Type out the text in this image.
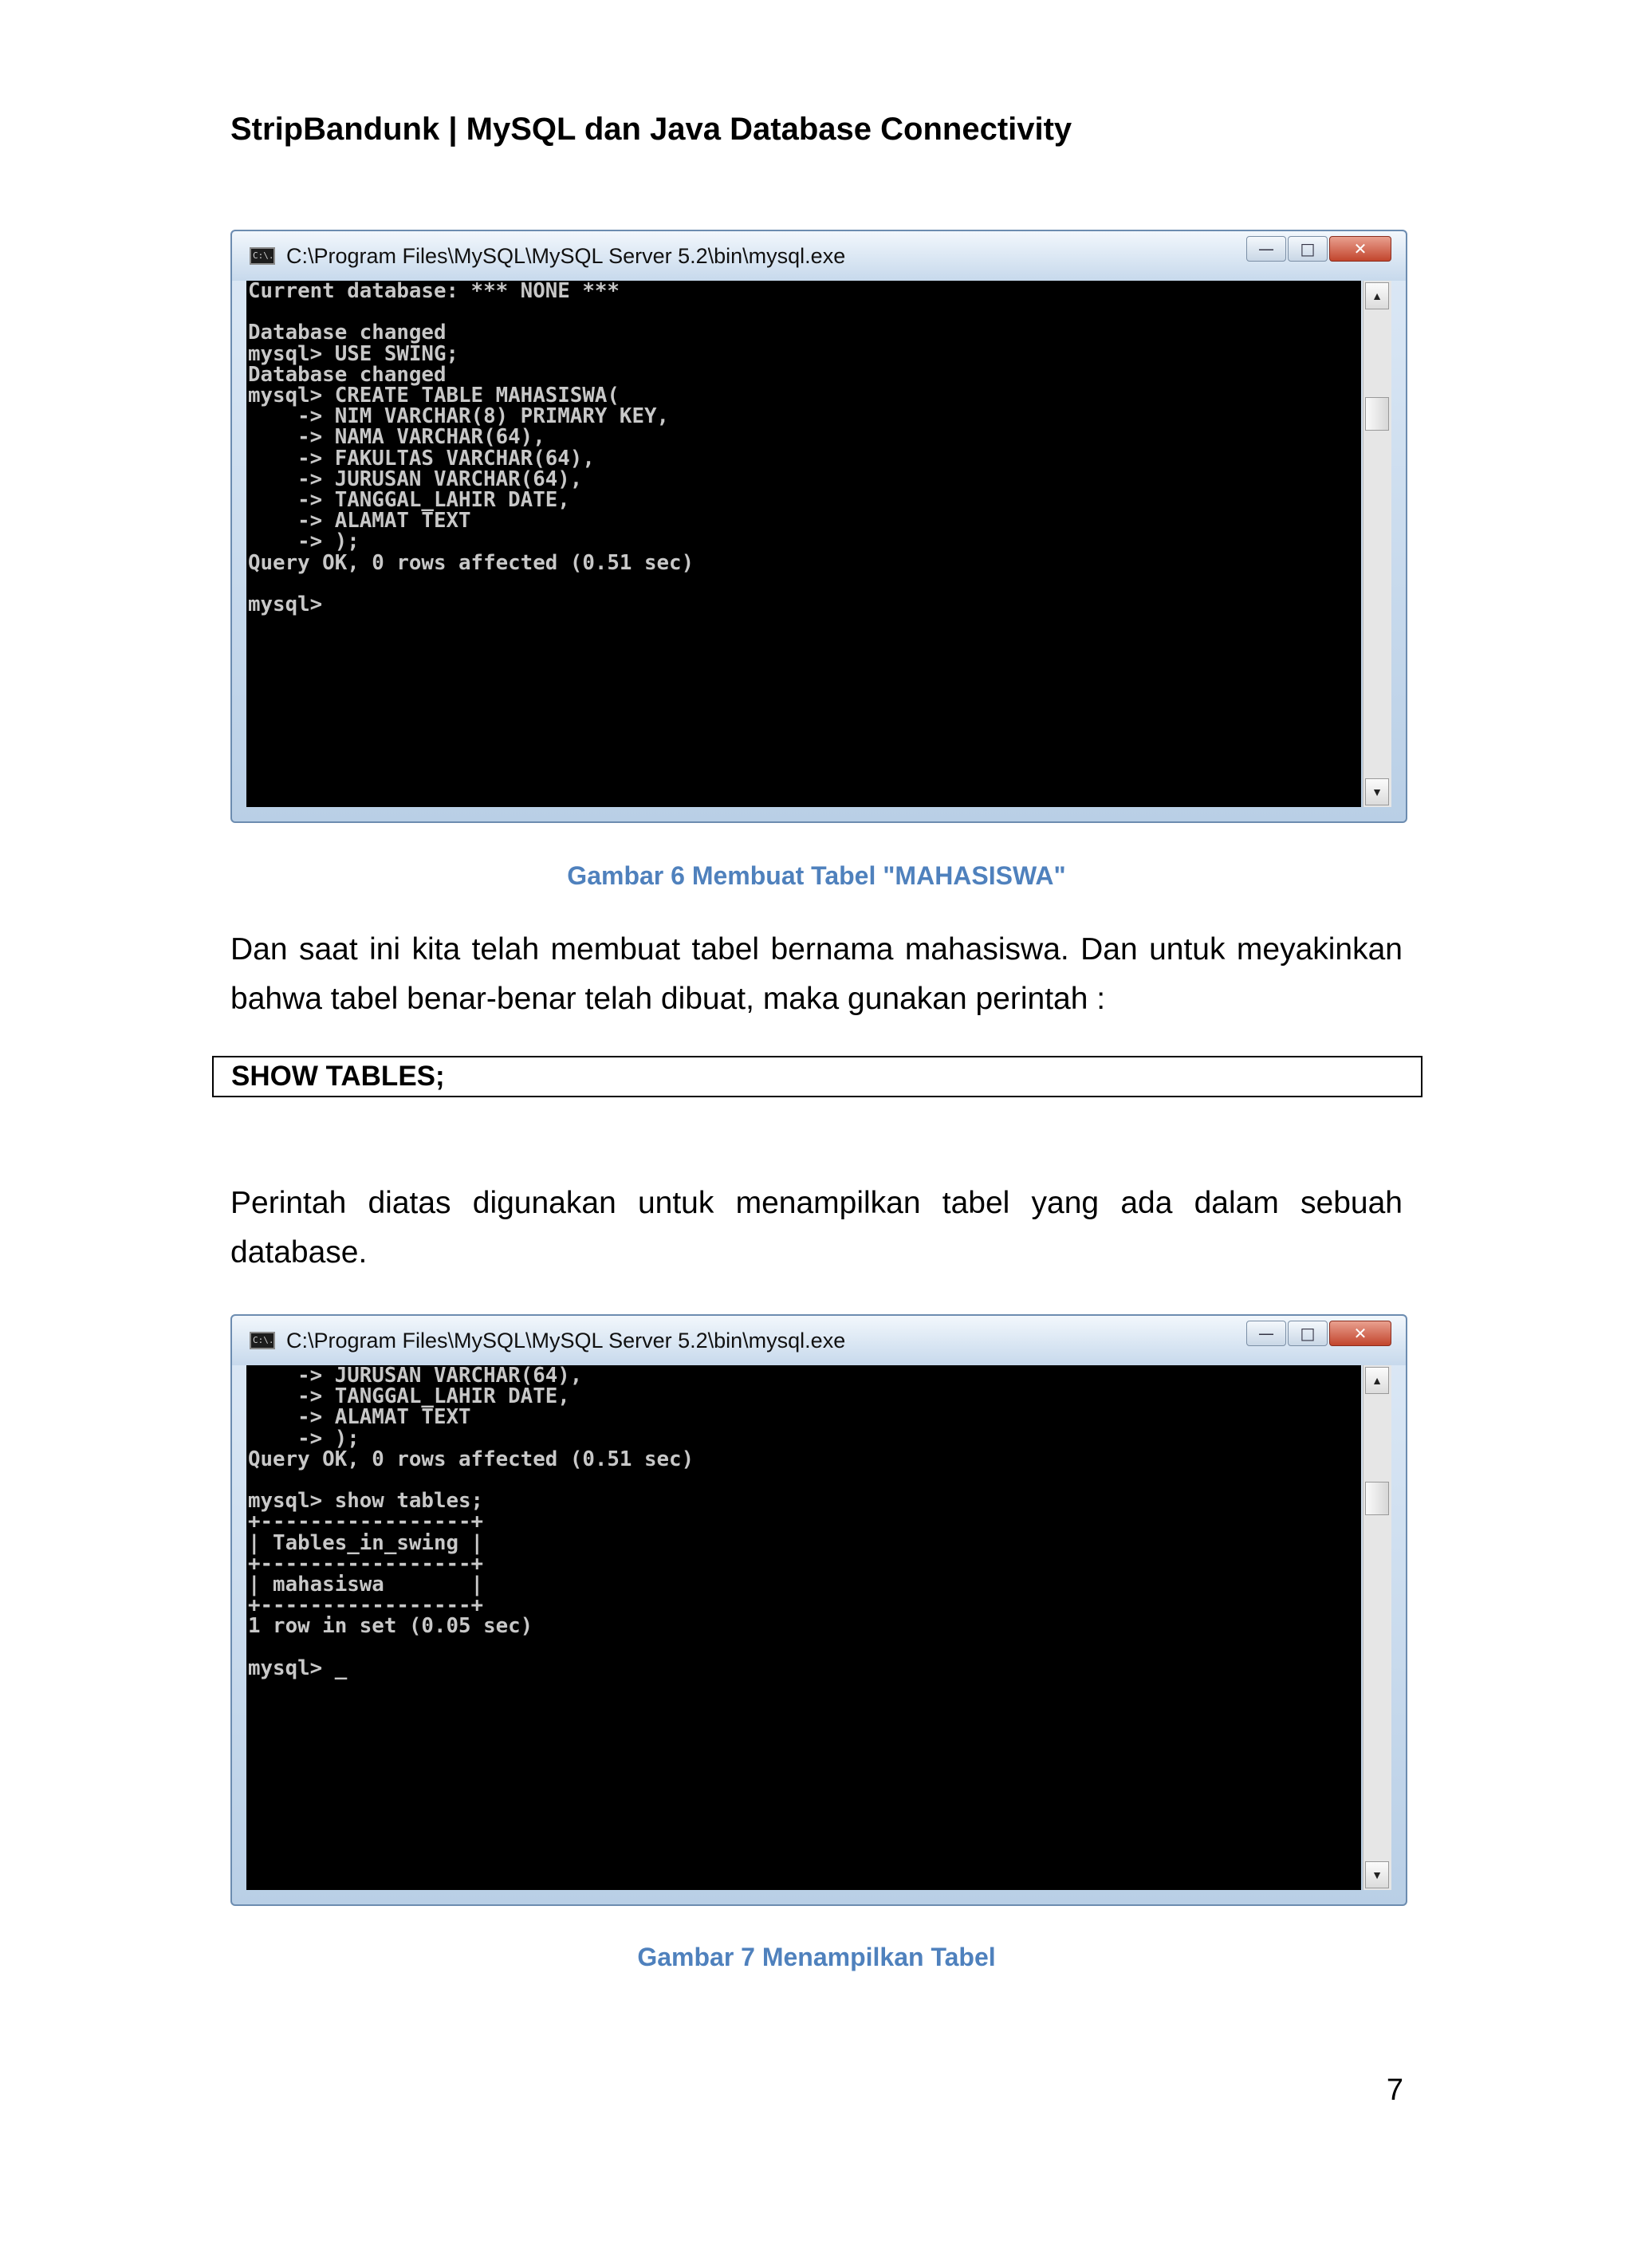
StripBandunk | MySQL dan Java Database Connectivity
C:\. C:\Program Files\MySQL\MySQL Server 5.2\bin\mysql.exe	—	□	✕
Current database: *** NONE ***

Database changed
mysql> USE SWING;
Database changed
mysql> CREATE TABLE MAHASISWA(
-> NIM VARCHAR(8) PRIMARY KEY,
-> NAMA VARCHAR(64),
-> FAKULTAS VARCHAR(64),
-> JURUSAN VARCHAR(64),
-> TANGGAL_LAHIR DATE,
-> ALAMAT TEXT
-> );
Query OK, 0 rows affected (0.51 sec)

mysql>
▲
▼
Gambar 6 Membuat Tabel "MAHASISWA"
Dan saat ini kita telah membuat tabel bernama mahasiswa. Dan untuk meyakinkan bahwa tabel benar-benar telah dibuat, maka gunakan perintah :
SHOW TABLES;
Perintah diatas digunakan untuk menampilkan tabel yang ada dalam sebuah database.
C:\. C:\Program Files\MySQL\MySQL Server 5.2\bin\mysql.exe	—	□	✕
-> JURUSAN VARCHAR(64),
-> TANGGAL_LAHIR DATE,
-> ALAMAT TEXT
-> );
Query OK, 0 rows affected (0.51 sec)

mysql> show tables;
+-----------------+
| Tables_in_swing |
+-----------------+
| mahasiswa       |
+-----------------+
1 row in set (0.05 sec)

mysql> _
▲
▼
Gambar 7 Menampilkan Tabel
7
